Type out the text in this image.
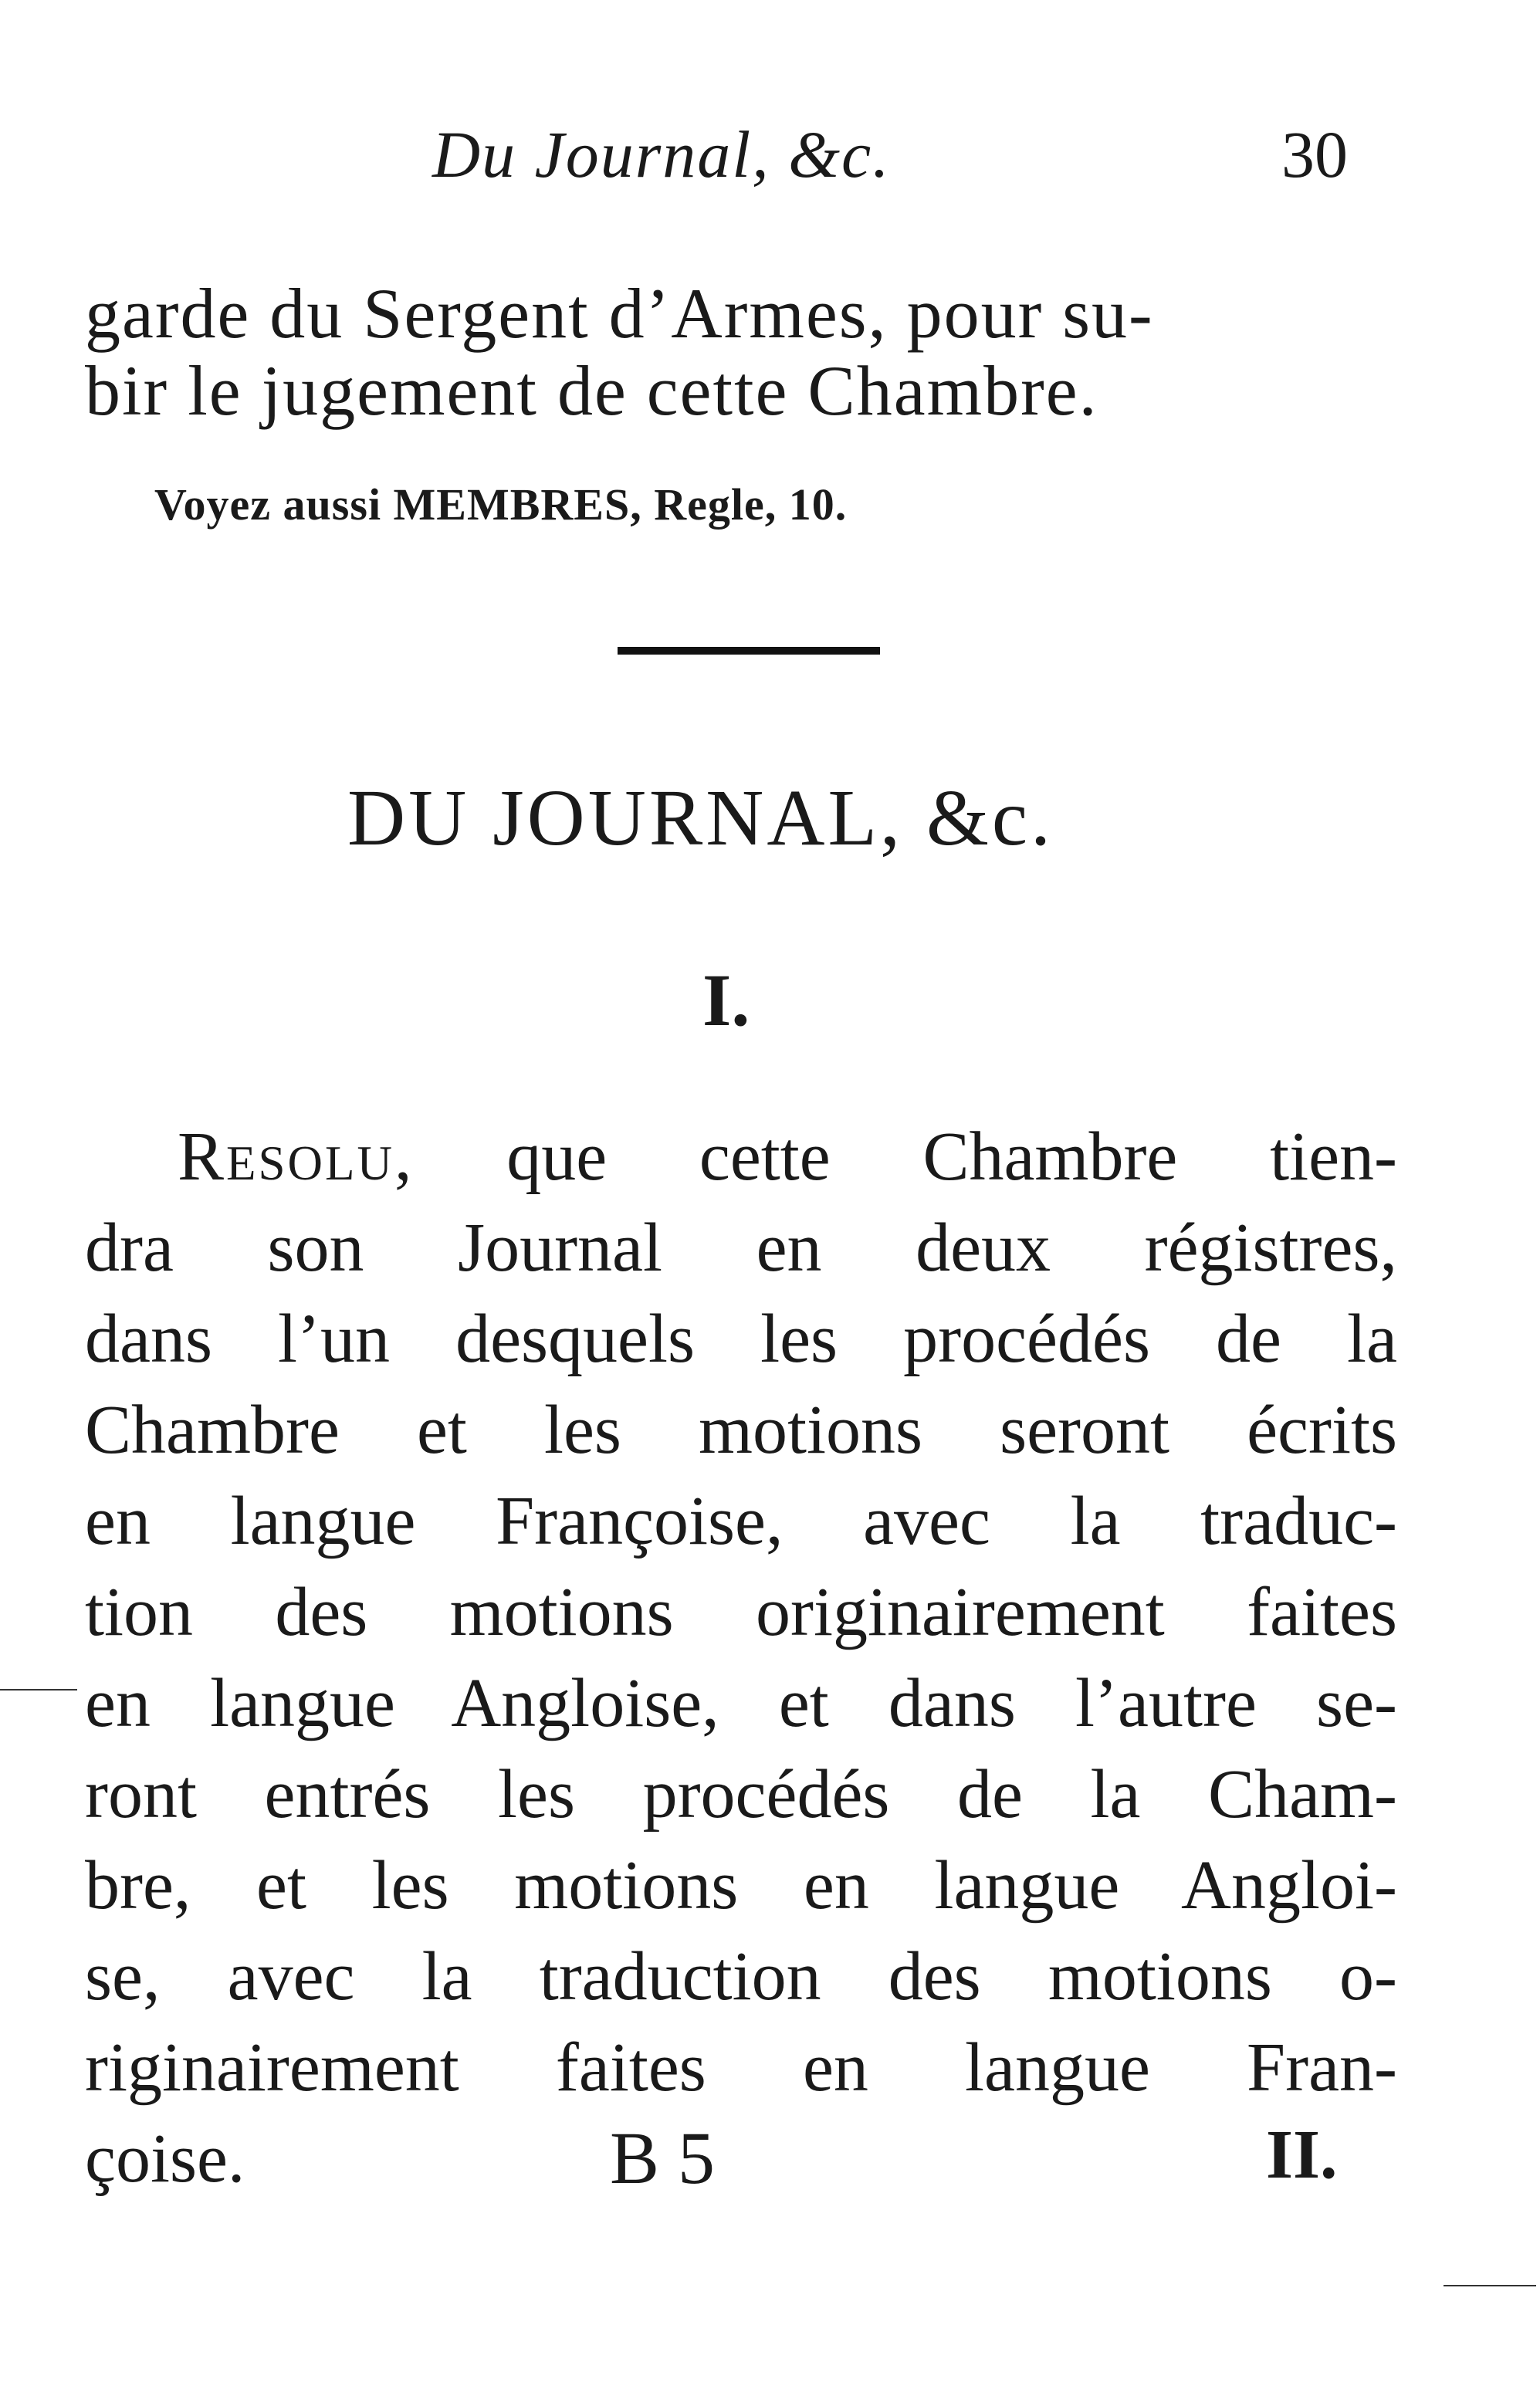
Du Journal, &c.	30
garde du Sergent d’Armes, pour su-
bir le jugement de cette Chambre.
Voyez aussi MEMBRES, Regle, 10.
DU JOURNAL, &c.
I.
Resolu, que cette Chambre tien-
dra son Journal en deux régistres,
dans l’un desquels les procédés de la
Chambre et les motions seront écrits
en langue Françoise, avec la traduc-
tion des motions originairement faites
en langue Angloise, et dans l’autre se-
ront entrés les procédés de la Cham-
bre, et les motions en langue Angloi-
se, avec la traduction des motions o-
riginairement faites en langue Fran-
çoise.	B 5	II.
